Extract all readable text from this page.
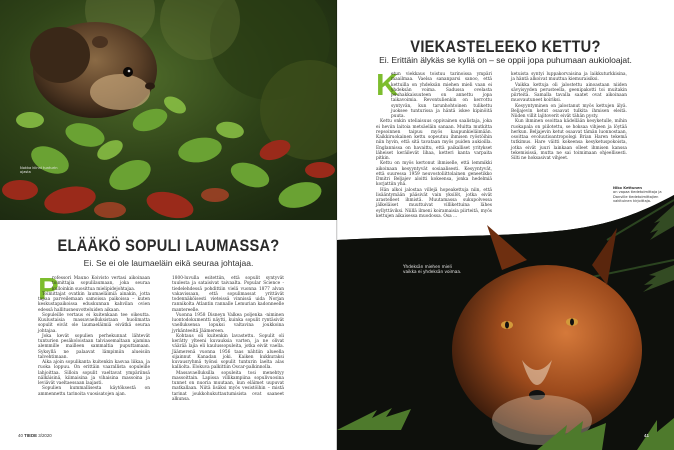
Nokka kiinni tunturin ojasta
ELÄÄKÖ SOPULI LAUMASSA?
Ei. Se ei ole laumaeläin eikä seuraa johtajaa.
P

rofessori Mauno Koivisto vertasi aikoinaan toimittajia sopulilaumaan, joka seuraa kulloinkin suosittua mielipidejohtajaa.

Toimittajat ovatkin laumaeläimiä ainakin, jotta tapaa parveilemaan samoissa paikoissa – kuten keskustapaikoissa eduskunnan kahvilan ovien edessä hallitusneuvotteluiden aikaan.

Sopuleille vertaus ei kuitenkaan tee oikeutta. Kuulustaisia massavaelluksistaan huolimatta sopulit eivät ole laumaeläimiä eivätkä seuraa johtajaa.

Joka kevät sopulien perhekunnat lähtevät tunturien pesäkoloistaan talviasemaltaan ajamina alemmille mailleen sammaltia puputtamaan. Syksyllä ne palaavat lämpimiin alueisiin talvehtimaan.

Aika ajoin sopulikanta kuitenkin kasvaa liikaa, ja ruoka loppuu. On erittäin vaarallista sopuleille lahjoittaa. Silloin sopulit vaeltavat ympäriinsä nälkäisinä, kiimaisina ja vihaisina massoina ja leviävät vaeltaessaan laajasti.

Sopulien kummallisesta käytöksestä on ammennettu tarinoita vuosisatojen ajan.

1800-luvulla esitettiin, että sopulit syntyvät tuulesta ja sataisivat taivaalta. Popular Science -tiedelehdessä pohdittiin vielä vuonna 1877 alvan vakavissaan, että sopulimassat yrittävät todennäköisesti vieteissä vinnissä uida Norjan rannikolta Atlantin rannalle Lemurian kadonneelle mantereelle.

Vuonna 1958 Disneyn Valkea poljenka -niminen luontodokumentti näytti, kuinka sopulit ryntäsivät vaelluksensa lopuksi valtavina joukkoina jyrkänteeltä Jäämereen.

Kohtaus oli kuitenkin lavastettu. Sopulit oli kerätty ylteeni kuvauksia varten, ja ne olivat väärää lajia eli kaulussopuleita, jotka eivät vaella. Jäämerenä vuonna 1956 taas nähtiin alueella sijainnut Kanadan joki. Kaiken kukkuraksi kuvausryhmä työnsi sopulit tunturin laelta alas kalliolta. Elokuva palkittiin Oscar-palkinnolla.

Massavaelluksilla sopuleita tosi menehtyy massoittain. Lapissa villikampiina sopulivuosina tunnet on nuoria muutaan, kun eläimet uupuvat matkallaan. Niitä lisäksi myös vesistöihin – mistä tarinat joukkohukuttautumisista ovat saaneet alkunsa.

40 TIEDE 3/2020
VIEKASTELEEKO KETTU?
Ei. Erittäin älykäs se kyllä on – se oppii jopa puhumaan aukioloajat.
K

etun viekkaus toistuu tarinoissa ympäri maailmaa. Vaelsa sananparsi sanoo, että kettuilla on yhdeksän miehen mieli vaan ei yhdeksän voima. Sadussa ovelasta puuhakkaisuuteen on annettu jopa taikavoimia. Revontulienkin on kerrottu syntyvän, kun tarunhohtoinen tulikettu juoksee tunturissa ja häntä iskee kipinöitä puuta.

Kettu onkin uteliaisuus oppivainen saalistaja, joka ei heviin laitoia metsäeläin sanaan. Muitta mutkitta repsoinnen taipuu myös kaupunkieläimään. Kaikkiruokainen kettu sopeutuu ihmisen ryöstöihin niin hyvin, että sitä tavataan myös puiden aukioilla. Englannissa on havaittu, että paikalliset yritykset läheiset keräilevät lihaa, ketteri kanta varpaita pitkin.

Kettu on myös kertonut ihmiselle, että lemmikki aikoinaan kesyyntyvät sosiaalisesti. Kesyyntyvät, että suuressa 1959 neuvostoliittolainen geneetikko Dmitri Beljajev aloitti kokeensa, jonka hedelmiä korjattiin yhä.

Hän alkoi jalostaa villejä hopeakettuja niin, että lisääntymään pääsivät vain yksilöt, jotka eivät arastelleet ihmistä. Muutamassa sukupolvessa jälkeläiset muuttuivat villikettuina lähes eyllyttäviksi. Niillä ilmeni koiramaisia piirteitä, myös kettujen aikaisessa muodossa. Osa ...

ketuista syntyi luppakorvaisina ja laikkuturkkisina, ja häntä alkoivat muuttua kiemuraisiksi.

Vaikka kettuja oli jalostettu ainoastaan niiden sävyisyyden perusteella, geenipakotti toi muitakin piirteitä. Samalla tavalla saatet ovat aikoinaan muovautuneet koiriksi.

Kesyyntyminen on jalostanut myös kettujen älyä. Beljajevin ketut osaavat tulkita ihmisen eleitä. Niiden villit lajitoverit eivät tähän pysty.

Kun ihminen osoittaa kädellään kesyketulle, mihin ruokapala on piilotettu, se hoksaa vihjeen ja löytää herkun. Beljajevin ketut osaavat tämän luonnostaan, osoittaa evoluutioantropologi Brian Haren tekemä tutkimus. Hare väitti kokeensa kesyketuspokoista, jotka eivät juuri lainkaan olleet ihmisen kanssa tekemisissä, mutta ne sai toimimaan ohjeellisesti. Silti ne hoksasivat vihjeet.

Niko Kettunen
on vapaa tiedetoimittaja ja Danville tiedetoimittajien vakituinen kirjoittaja.
Yhdeksän miehen mieli vaikka ei yhdeksän voimaa.
41
